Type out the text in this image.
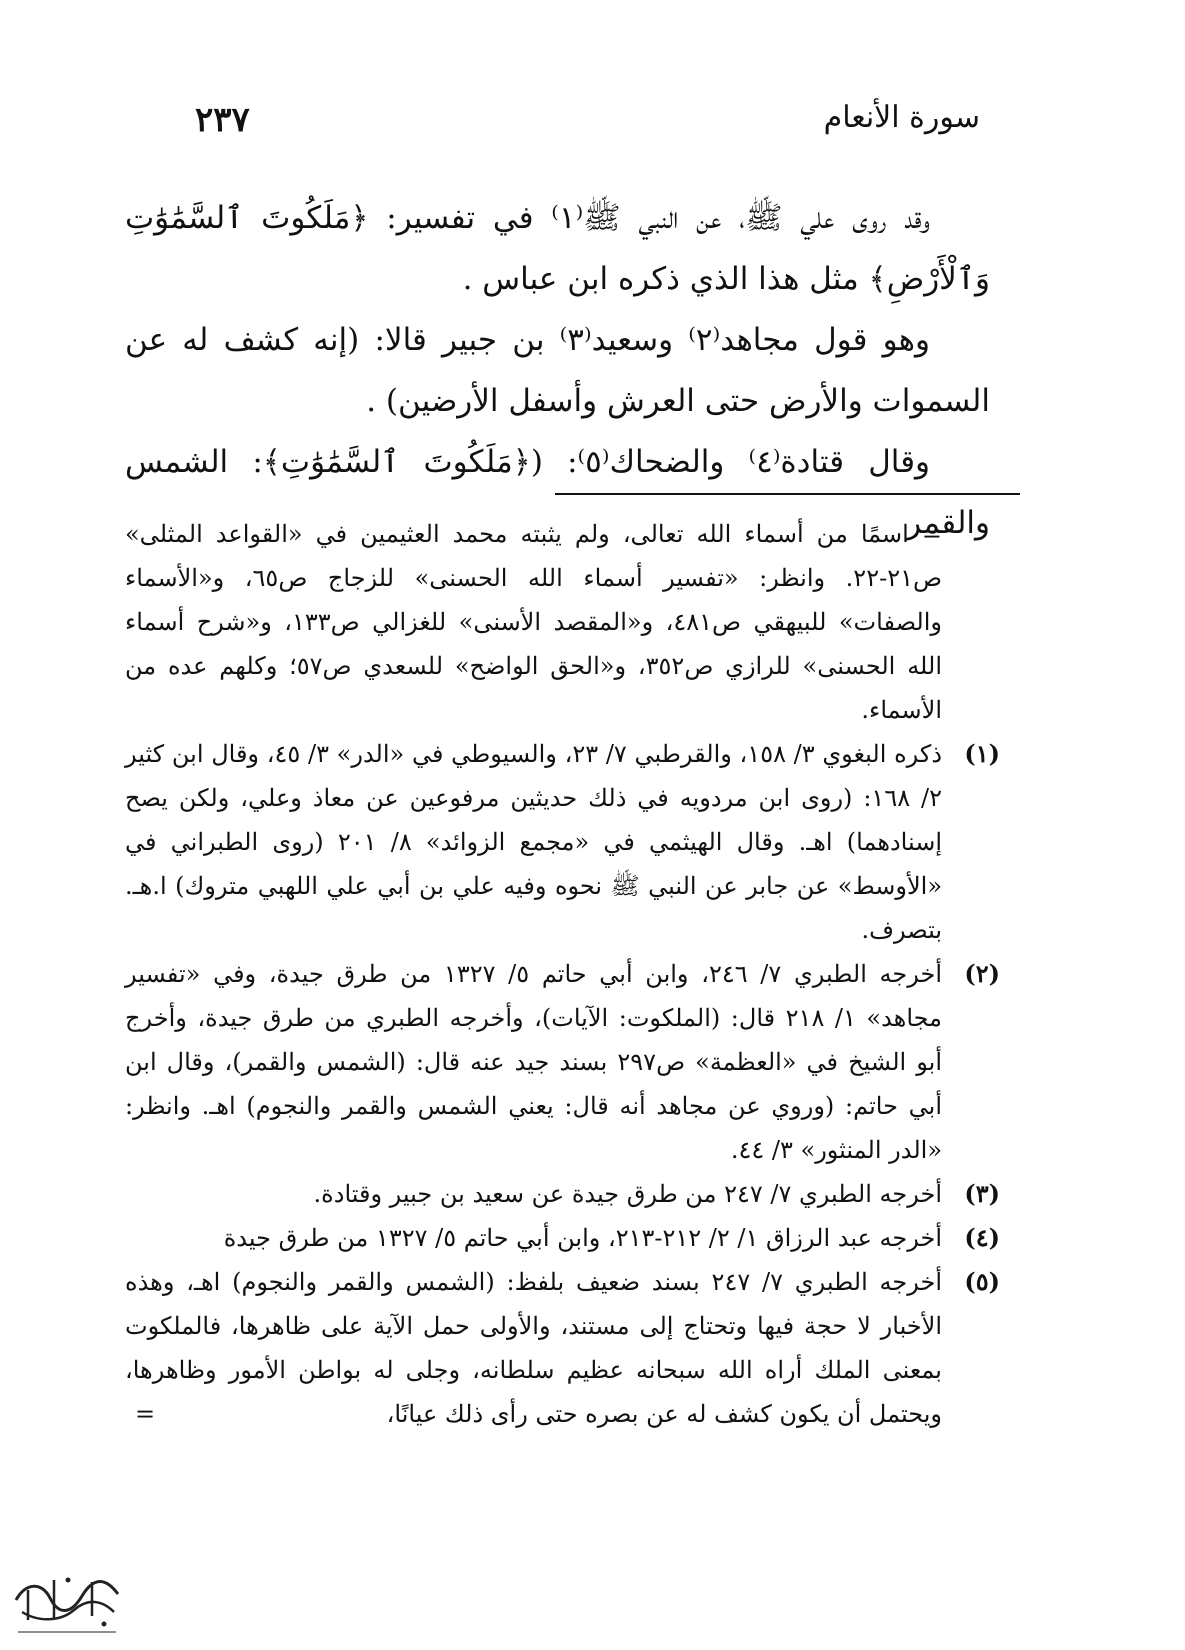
٢٣٧	سورة الأنعام

وقد روى علي ﷺ، عن النبي ﷺ⁽١⁾ في تفسير: ﴿مَلَكُوتَ ٱلسَّمَٰوَٰتِ وَٱلْأَرْضِ﴾ مثل هذا الذي ذكره ابن عباس .

وهو قول مجاهد⁽٢⁾ وسعيد⁽٣⁾ بن جبير قالا: (إنه كشف له عن السموات والأرض حتى العرش وأسفل الأرضين) .

وقال قتادة⁽٤⁾ والضحاك⁽٥⁾: (﴿مَلَكُوتَ ٱلسَّمَٰوَٰتِ﴾: الشمس والقمر

= اسمًا من أسماء الله تعالى، ولم يثبته محمد العثيمين في «القواعد المثلى» ص٢١-٢٢. وانظر: «تفسير أسماء الله الحسنى» للزجاج ص٦٥، و«الأسماء والصفات» للبيهقي ص٤٨١، و«المقصد الأسنى» للغزالي ص١٣٣، و«شرح أسماء الله الحسنى» للرازي ص٣٥٢، و«الحق الواضح» للسعدي ص٥٧؛ وكلهم عده من الأسماء.

(١)
ذكره البغوي ٣/ ١٥٨، والقرطبي ٧/ ٢٣، والسيوطي في «الدر» ٣/ ٤٥، وقال ابن كثير ٢/ ١٦٨: (روى ابن مردويه في ذلك حديثين مرفوعين عن معاذ وعلي، ولكن يصح إسنادهما) اهـ. وقال الهيثمي في «مجمع الزوائد» ٨/ ٢٠١ (روى الطبراني في «الأوسط» عن جابر عن النبي ﷺ نحوه وفيه علي بن أبي علي اللهبي متروك) ا.هـ. بتصرف.

(٢)
أخرجه الطبري ٧/ ٢٤٦، وابن أبي حاتم ٥/ ١٣٢٧ من طرق جيدة، وفي «تفسير مجاهد» ١/ ٢١٨ قال: (الملكوت: الآيات)، وأخرجه الطبري من طرق جيدة، وأخرج أبو الشيخ في «العظمة» ص٢٩٧ بسند جيد عنه قال: (الشمس والقمر)، وقال ابن أبي حاتم: (وروي عن مجاهد أنه قال: يعني الشمس والقمر والنجوم) اهـ. وانظر: «الدر المنثور» ٣/ ٤٤.

(٣)
أخرجه الطبري ٧/ ٢٤٧ من طرق جيدة عن سعيد بن جبير وقتادة.

(٤)
أخرجه عبد الرزاق ١/ ٢/ ٢١٢-٢١٣، وابن أبي حاتم ٥/ ١٣٢٧ من طرق جيدة

(٥)
أخرجه الطبري ٧/ ٢٤٧ بسند ضعيف بلفظ: (الشمس والقمر والنجوم) اهـ، وهذه الأخبار لا حجة فيها وتحتاج إلى مستند، والأولى حمل الآية على ظاهرها، فالملكوت بمعنى الملك أراه الله سبحانه عظيم سلطانه، وجلى له بواطن الأمور وظاهرها، ويحتمل أن يكون كشف له عن بصره حتى رأى ذلك عيانًا،
=
